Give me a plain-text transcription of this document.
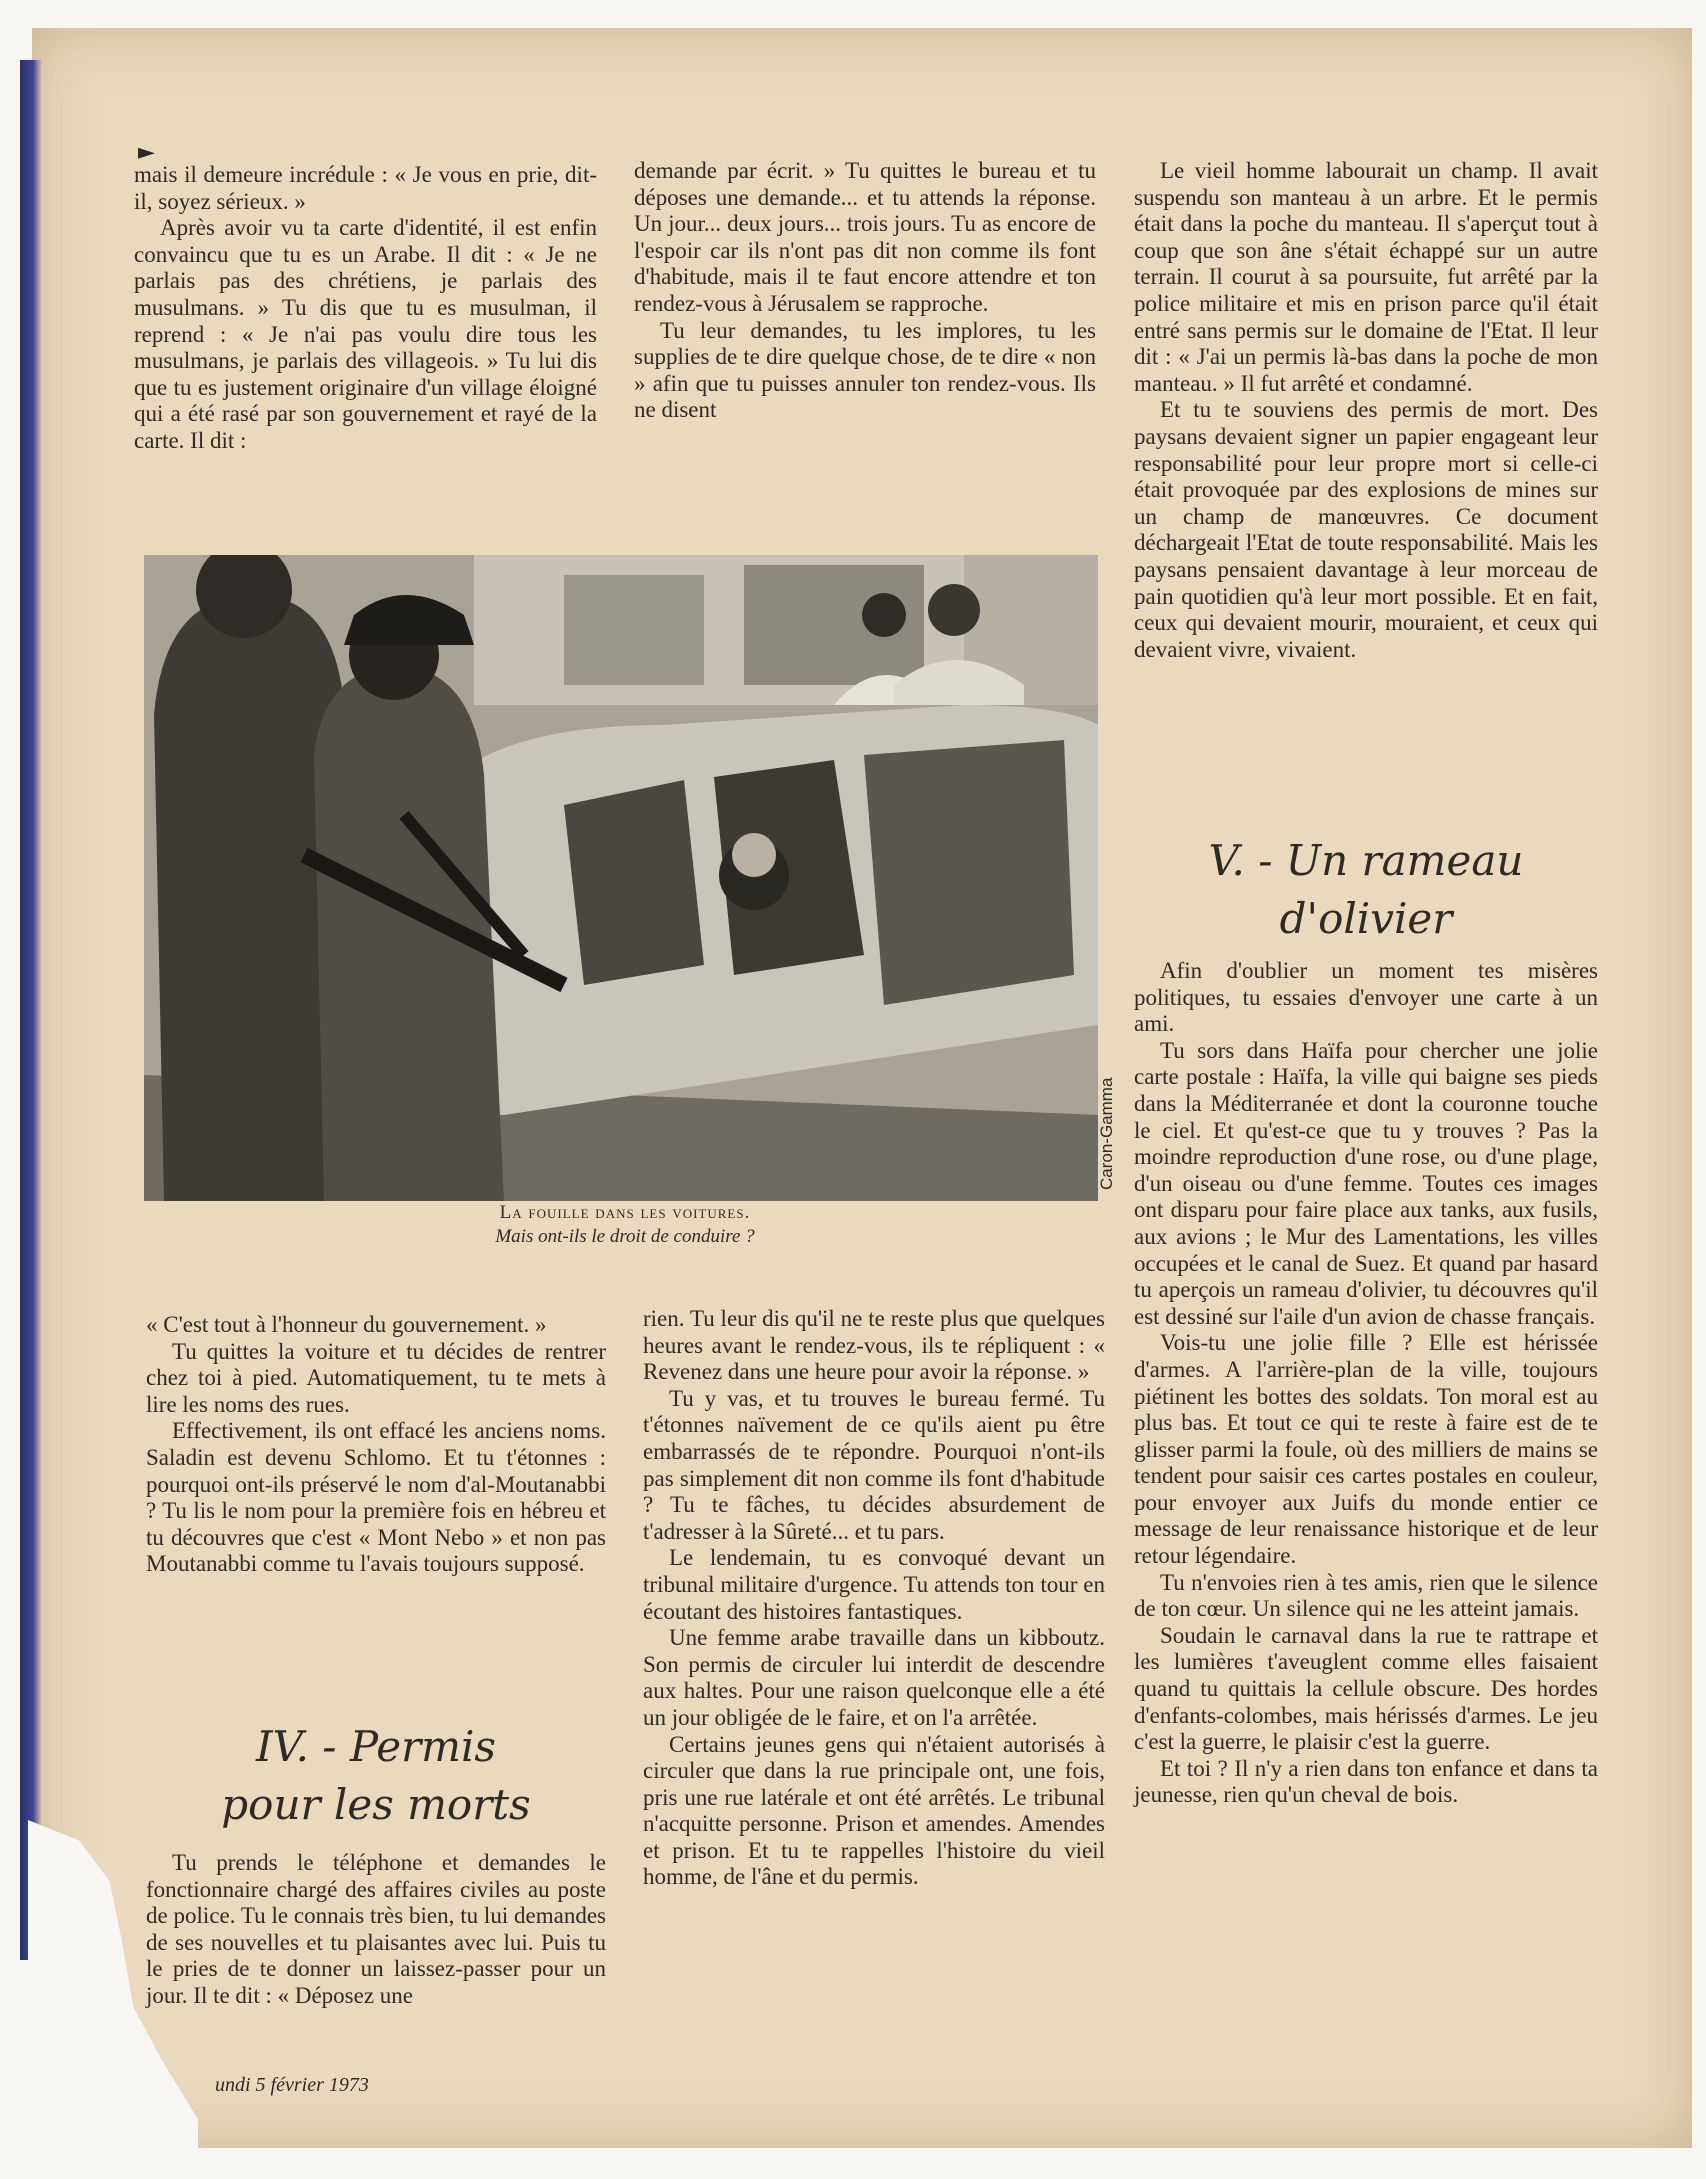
►

mais il demeure incrédule : « Je vous en prie, dit-il, soyez sérieux. »

Après avoir vu ta carte d'identité, il est enfin convaincu que tu es un Arabe. Il dit : « Je ne parlais pas des chrétiens, je parlais des musulmans. » Tu dis que tu es musulman, il reprend : « Je n'ai pas voulu dire tous les musulmans, je parlais des villageois. » Tu lui dis que tu es justement originaire d'un village éloigné qui a été rasé par son gouvernement et rayé de la carte. Il dit :

demande par écrit. » Tu quittes le bureau et tu déposes une demande... et tu attends la réponse. Un jour... deux jours... trois jours. Tu as encore de l'espoir car ils n'ont pas dit non comme ils font d'habitude, mais il te faut encore attendre et ton rendez-vous à Jérusalem se rapproche.

Tu leur demandes, tu les implores, tu les supplies de te dire quelque chose, de te dire « non » afin que tu puisses annuler ton rendez-vous. Ils ne disent

Le vieil homme labourait un champ. Il avait suspendu son manteau à un arbre. Et le permis était dans la poche du manteau. Il s'aperçut tout à coup que son âne s'était échappé sur un autre terrain. Il courut à sa poursuite, fut arrêté par la police militaire et mis en prison parce qu'il était entré sans permis sur le domaine de l'Etat. Il leur dit : « J'ai un permis là-bas dans la poche de mon manteau. » Il fut arrêté et condamné.

Et tu te souviens des permis de mort. Des paysans devaient signer un papier engageant leur responsabilité pour leur propre mort si celle-ci était provoquée par des explosions de mines sur un champ de manœuvres. Ce document déchargeait l'Etat de toute responsabilité. Mais les paysans pensaient davantage à leur morceau de pain quotidien qu'à leur mort possible. Et en fait, ceux qui devaient mourir, mouraient, et ceux qui devaient vivre, vivaient.

V. - Un rameau
d'olivier

Afin d'oublier un moment tes misères politiques, tu essaies d'envoyer une carte à un ami.

Tu sors dans Haïfa pour chercher une jolie carte postale : Haïfa, la ville qui baigne ses pieds dans la Méditerranée et dont la couronne touche le ciel. Et qu'est-ce que tu y trouves ? Pas la moindre reproduction d'une rose, ou d'une plage, d'un oiseau ou d'une femme. Toutes ces images ont disparu pour faire place aux tanks, aux fusils, aux avions ; le Mur des Lamentations, les villes occupées et le canal de Suez. Et quand par hasard tu aperçois un rameau d'olivier, tu découvres qu'il est dessiné sur l'aile d'un avion de chasse français.

Vois-tu une jolie fille ? Elle est hérissée d'armes. A l'arrière-plan de la ville, toujours piétinent les bottes des soldats. Ton moral est au plus bas. Et tout ce qui te reste à faire est de te glisser parmi la foule, où des milliers de mains se tendent pour saisir ces cartes postales en couleur, pour envoyer aux Juifs du monde entier ce message de leur renaissance historique et de leur retour légendaire.

Tu n'envoies rien à tes amis, rien que le silence de ton cœur. Un silence qui ne les atteint jamais.

Soudain le carnaval dans la rue te rattrape et les lumières t'aveuglent comme elles faisaient quand tu quittais la cellule obscure. Des hordes d'enfants-colombes, mais hérissés d'armes. Le jeu c'est la guerre, le plaisir c'est la guerre.

Et toi ? Il n'y a rien dans ton enfance et dans ta jeunesse, rien qu'un cheval de bois.

Caron-Gamma
La fouille dans les voitures.
Mais ont-ils le droit de conduire ?

« C'est tout à l'honneur du gouvernement. »

Tu quittes la voiture et tu décides de rentrer chez toi à pied. Automatiquement, tu te mets à lire les noms des rues.

Effectivement, ils ont effacé les anciens noms. Saladin est devenu Schlomo. Et tu t'étonnes : pourquoi ont-ils préservé le nom d'al-Moutanabbi ? Tu lis le nom pour la première fois en hébreu et tu découvres que c'est « Mont Nebo » et non pas Moutanabbi comme tu l'avais toujours supposé.

IV. - Permis
pour les morts

Tu prends le téléphone et demandes le fonctionnaire chargé des affaires civiles au poste de police. Tu le connais très bien, tu lui demandes de ses nouvelles et tu plaisantes avec lui. Puis tu le pries de te donner un laissez-passer pour un jour. Il te dit : « Déposez une

rien. Tu leur dis qu'il ne te reste plus que quelques heures avant le rendez-vous, ils te répliquent : « Revenez dans une heure pour avoir la réponse. »

Tu y vas, et tu trouves le bureau fermé. Tu t'étonnes naïvement de ce qu'ils aient pu être embarrassés de te répondre. Pourquoi n'ont-ils pas simplement dit non comme ils font d'habitude ? Tu te fâches, tu décides absurdement de t'adresser à la Sûreté... et tu pars.

Le lendemain, tu es convoqué devant un tribunal militaire d'urgence. Tu attends ton tour en écoutant des histoires fantastiques.

Une femme arabe travaille dans un kibboutz. Son permis de circuler lui interdit de descendre aux haltes. Pour une raison quelconque elle a été un jour obligée de le faire, et on l'a arrêtée.

Certains jeunes gens qui n'étaient autorisés à circuler que dans la rue principale ont, une fois, pris une rue latérale et ont été arrêtés. Le tribunal n'acquitte personne. Prison et amendes. Amendes et prison. Et tu te rappelles l'histoire du vieil homme, de l'âne et du permis.

undi 5 février 1973
